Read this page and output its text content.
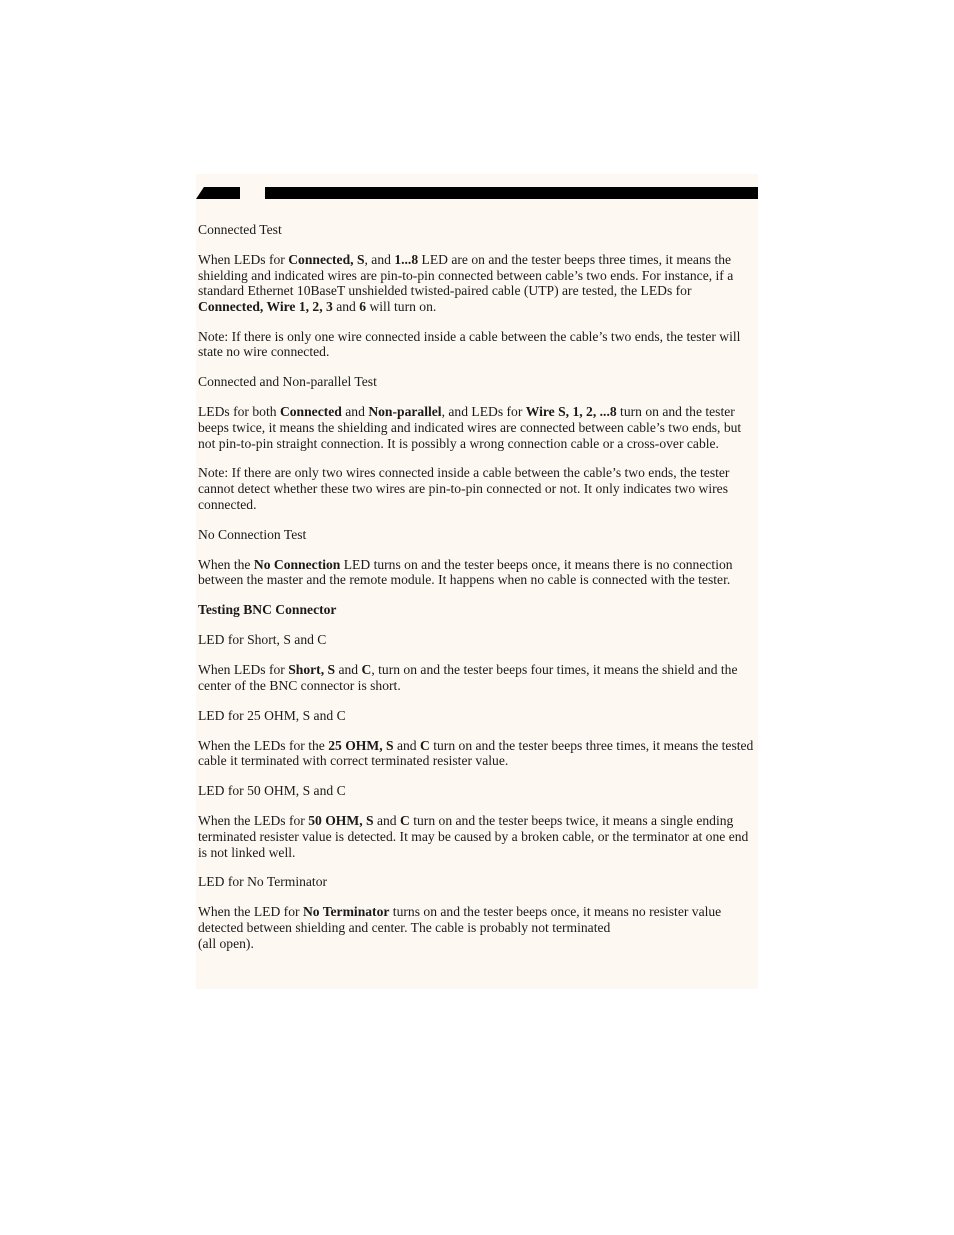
Connected Test

When LEDs for Connected, S, and 1...8 LED are on and the tester beeps three times, it means the shielding and indicated wires are pin-to-pin connected between cable’s two ends. For instance, if a standard Ethernet 10BaseT unshielded twisted-paired cable (UTP) are tested, the LEDs for Connected, Wire 1, 2, 3 and 6 will turn on.

Note: If there is only one wire connected inside a cable between the cable’s two ends, the tester will state no wire connected.

Connected and Non-parallel Test

LEDs for both Connected and Non-parallel, and LEDs for Wire S, 1, 2, ...8 turn on and the tester beeps twice, it means the shielding and indicated wires are connected between cable’s two ends, but not pin-to-pin straight connection. It is possibly a wrong connection cable or a cross-over cable.

Note: If there are only two wires connected inside a cable between the cable’s two ends, the tester cannot detect whether these two wires are pin-to-pin connected or not. It only indicates two wires connected.

No Connection Test

When the No Connection LED turns on and the tester beeps once, it means there is no connection between the master and the remote module. It happens when no cable is connected with the tester.

Testing BNC Connector

LED for Short, S and C

When LEDs for Short, S and C, turn on and the tester beeps four times, it means the shield and the center of the BNC connector is short.

LED for 25 OHM, S and C

When the LEDs for the 25 OHM, S and C turn on and the tester beeps three times, it means the tested cable it terminated with correct terminated resister value.

LED for 50 OHM, S and C

When the LEDs for 50 OHM, S and C turn on and the tester beeps twice, it means a single ending terminated resister value is detected. It may be caused by a broken cable, or the terminator at one end is not linked well.

LED for No Terminator

When the LED for No Terminator turns on and the tester beeps once, it means no resister value detected between shielding and center. The cable is probably not terminated
(all open).
